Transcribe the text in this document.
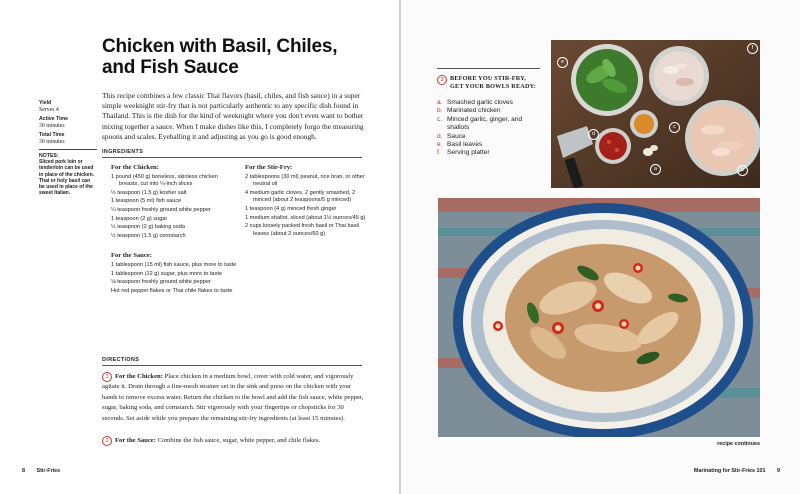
Chicken with Basil, Chiles,
and Fish Sauce
Yield
Serves 4
Active Time
30 minutes
Total Time
30 minutes
NOTES:
Sliced pork loin or tenderloin can be used in place of the chicken. Thai or holy basil can be used in place of the sweet Italian.
This recipe combines a few classic Thai flavors (basil, chiles, and fish sauce) in a super simple weeknight stir-fry that is not particularly authentic to any specific dish found in Thailand. This is the dish for the kind of weeknight where you don't even want to bother mixing together a sauce. When I make dishes like this, I completely forgo the measuring spoons and scales. Eyeballing it and adjusting as you go is good enough.
INGREDIENTS
For the Chicken:
1 pound (450 g) boneless, skinless chicken breasts, cut into ¼-inch slices
½ teaspoon (1.5 g) kosher salt
1 teaspoon (5 ml) fish sauce
¼ teaspoon freshly ground white pepper
1 teaspoon (2 g) sugar
½ teaspoon (2 g) baking soda
½ teaspoon (1.5 g) cornstarch
For the Sauce:
1 tablespoon (15 ml) fish sauce, plus more to taste
1 tablespoon (12 g) sugar, plus more to taste
⅛ teaspoon freshly ground white pepper
Hot red pepper flakes or Thai chile flakes to taste
For the Stir-Fry:
2 tablespoons (30 ml) peanut, rice bran, or other neutral oil
4 medium garlic cloves, 2 gently smashed, 2 minced (about 2 teaspoons/5 g minced)
1 teaspoon (4 g) minced fresh ginger
1 medium shallot, sliced (about 1½ ounces/45 g)
2 cups loosely packed fresh basil or Thai basil leaves (about 2 ounces/60 g)
DIRECTIONS
1 For the Chicken: Place chicken in a medium bowl, cover with cold water, and vigorously agitate it. Drain through a fine-mesh strainer set in the sink and press on the chicken with your hands to remove excess water. Return the chicken to the bowl and add the fish sauce, white pepper, sugar, baking soda, and cornstarch. Stir vigorously with your fingertips or chopsticks for 30 seconds. Set aside while you prepare the remaining stir-fry ingredients (at least 15 minutes).
2 For the Sauce: Combine the fish sauce, sugar, white pepper, and chile flakes.
8 Stir-Fries
3	BEFORE YOU STIR-FRY,
GET YOUR BOWLS READY:
a. Smashed garlic cloves
b. Marinated chicken
c. Minced garlic, ginger, and shallots
d. Sauce
e. Basil leaves
f. Serving platter
e
f
c
d
a	b
recipe continues
Marinating for Stir-Fries 101 9
